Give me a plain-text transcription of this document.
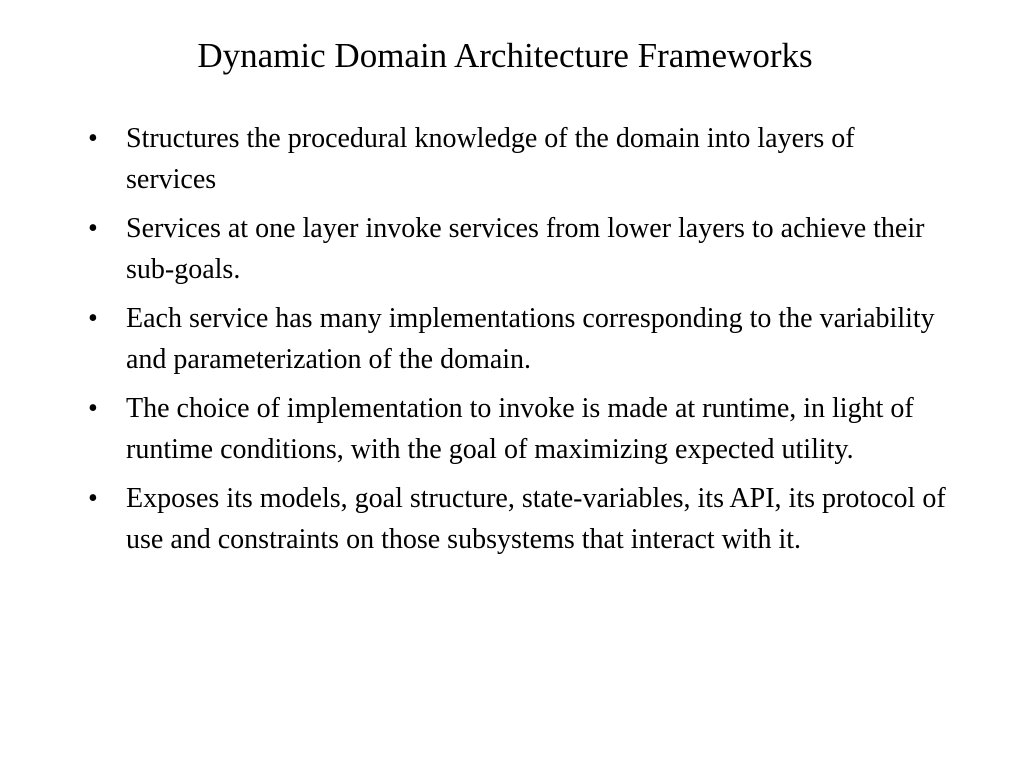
Dynamic Domain Architecture Frameworks
• Structures the procedural knowledge of the domain into layers of services
• Services at one layer invoke services from lower layers to achieve their sub-goals.
• Each service has many implementations corresponding to the variability and parameterization of the domain.
• The choice of implementation to invoke is made at runtime, in light of runtime conditions, with the goal of maximizing expected utility.
• Exposes its models, goal structure, state-variables, its API, its protocol of use and constraints on those subsystems that interact with it.
